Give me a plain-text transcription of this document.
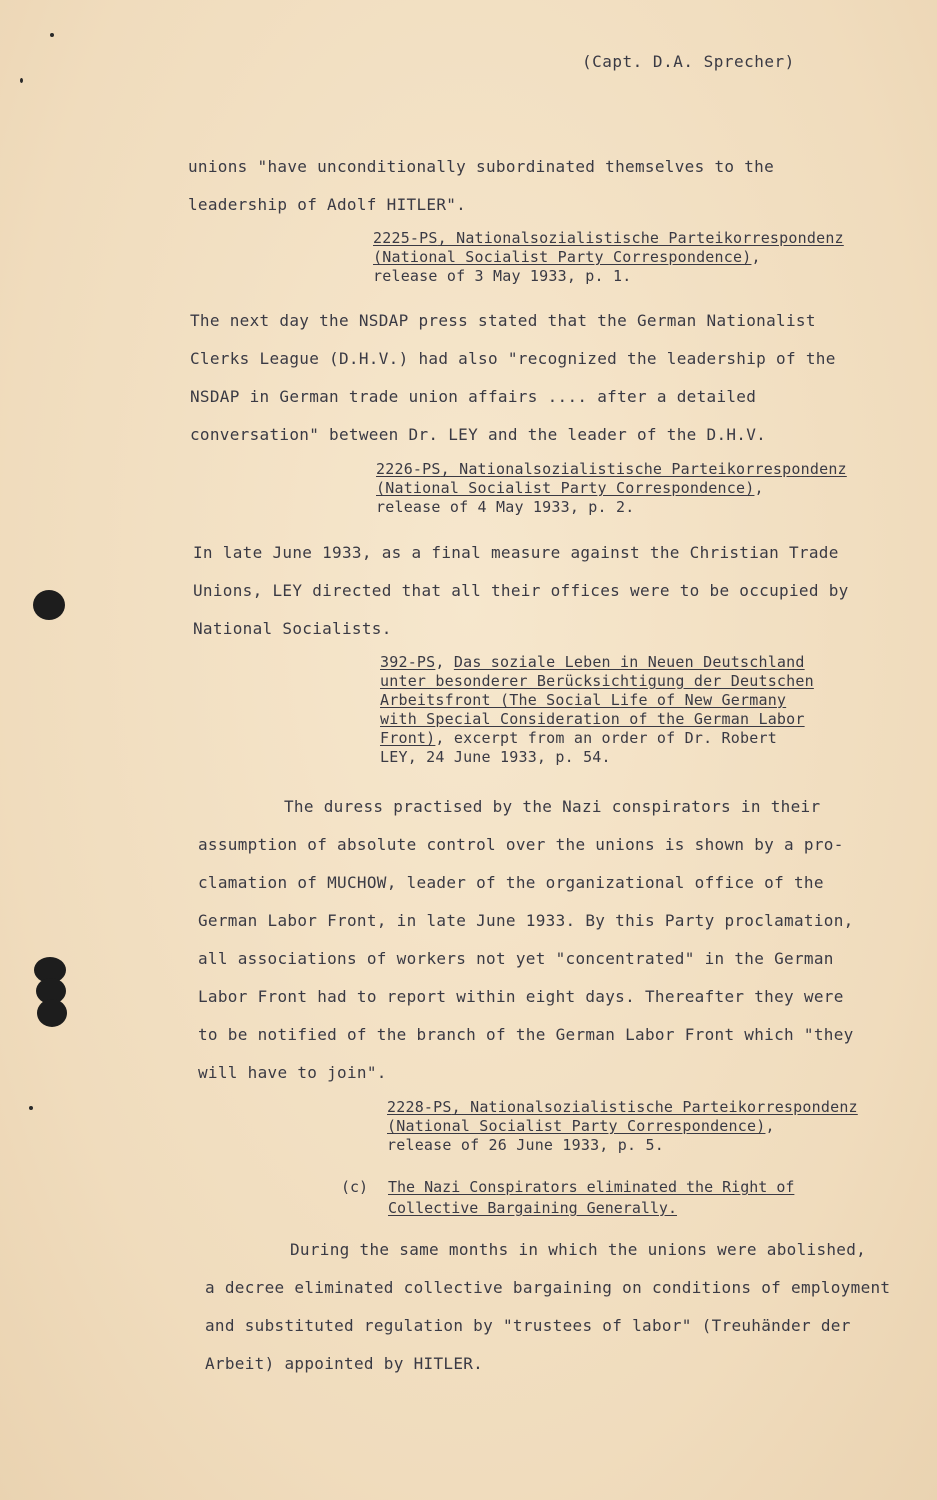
(Capt. D.A. Sprecher)
unions "have unconditionally subordinated themselves to the
leadership of Adolf HITLER".
2225-PS, Nationalsozialistische Parteikorrespondenz
(National Socialist Party Correspondence),
release of 3 May 1933, p. 1.
The next day the NSDAP press stated that the German Nationalist
Clerks League (D.H.V.) had also "recognized the leadership of the
NSDAP in German trade union affairs .... after a detailed
conversation" between Dr. LEY and the leader of the D.H.V.
2226-PS, Nationalsozialistische Parteikorrespondenz
(National Socialist Party Correspondence),
release of 4 May 1933, p. 2.
In late June 1933, as a final measure against the Christian Trade
Unions, LEY directed that all their offices were to be occupied by
National Socialists.
392-PS, Das soziale Leben in Neuen Deutschland
unter besonderer Berücksichtigung der Deutschen
Arbeitsfront (The Social Life of New Germany
with Special Consideration of the German Labor
Front), excerpt from an order of Dr. Robert
LEY, 24 June 1933, p. 54.
The duress practised by the Nazi conspirators in their
assumption of absolute control over the unions is shown by a pro-
clamation of MUCHOW, leader of the organizational office of the
German Labor Front, in late June 1933. By this Party proclamation,
all associations of workers not yet "concentrated" in the German
Labor Front had to report within eight days. Thereafter they were
to be notified of the branch of the German Labor Front which "they
will have to join".
2228-PS, Nationalsozialistische Parteikorrespondenz
(National Socialist Party Correspondence),
release of 26 June 1933, p. 5.
(c) The Nazi Conspirators eliminated the Right of
Collective Bargaining Generally.
During the same months in which the unions were abolished,
a decree eliminated collective bargaining on conditions of employment
and substituted regulation by "trustees of labor" (Treuhänder der
Arbeit) appointed by HITLER.
